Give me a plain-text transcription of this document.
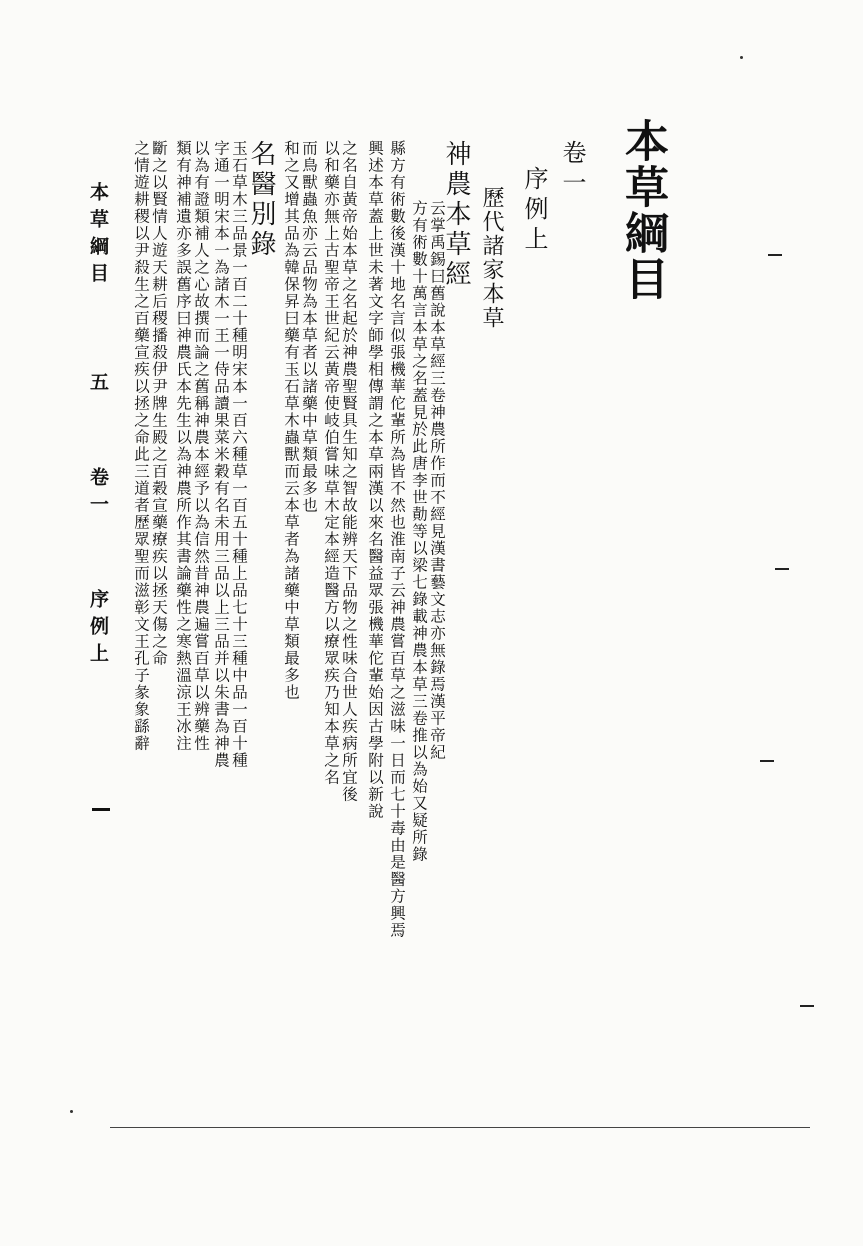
本草綱目
卷一
序例上
歷代諸家本草
神農本草經
云掌禹錫曰舊說本草經三卷神農所作而不經見漢書藝文志亦無錄焉漢平帝紀
方有術數十萬言本草之名蓋見於此唐李世勣等以梁七錄載神農本草三卷推以為始又疑所錄
縣方有術數後漢十地名言似張機華佗輩所為皆不然也淮南子云神農嘗百草之滋味一日而七十毒由是醫方興焉
興述本草蓋上世未著文字師學相傳謂之本草兩漢以來名醫益眾張機華佗輩始因古學附以新說
之名自黃帝始本草之名起於神農聖賢具生知之智故能辨天下品物之性味合世人疾病所宜後
以和藥亦無上古聖帝王世紀云黃帝使岐伯嘗味草木定本經造醫方以療眾疾乃知本草之名
而鳥獸蟲魚亦云品物為本草者以諸藥中草類最多也
和之又增其品為韓保昇曰藥有玉石草木蟲獸而云本草者為諸藥中草類最多也
名醫別錄
玉石草木三品景一百二十種明宋本一百六種草一百五十種上品七十三種中品一百十種
字通一明宋本一為諸木一王一侍品讀果菜米穀有名未用三品以上三品并以朱書為神農
以為有證類補人之心故撰而論之舊稱神農本經予以為信然昔神農遍嘗百草以辨藥性
類有神補遺亦多誤舊序曰神農氏本先生以為神農所作其書論藥性之寒熱溫涼王冰注
斷之以賢情人遊天耕后稷播殺伊尹牌生殿之百穀宣藥療疾以拯天傷之命
之情遊耕稷以尹殺生之百藥宣疾以拯之命此三道者歷眾聖而滋彰文王孔子彖象繇辭
本草綱目  五  卷一  序例上
